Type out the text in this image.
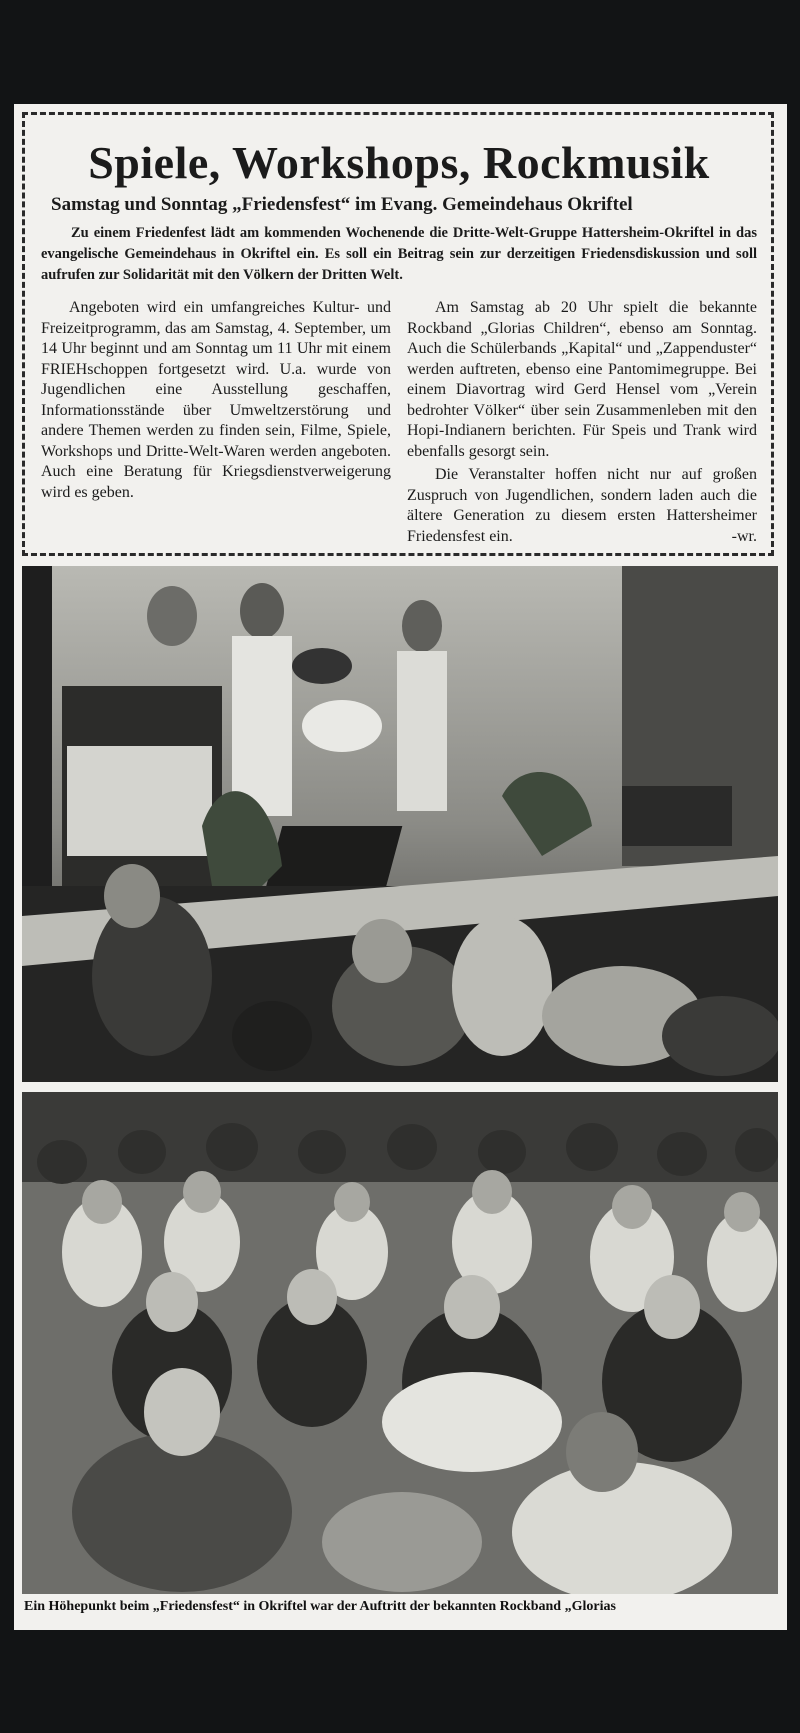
Spiele, Workshops, Rockmusik
Samstag und Sonntag „Friedensfest“ im Evang. Gemeindehaus Okriftel

Zu einem Friedenfest lädt am kommenden Wochenende die Dritte-Welt-Gruppe Hattersheim-Okriftel in das evangelische Gemeindehaus in Okriftel ein. Es soll ein Beitrag sein zur derzeitigen Friedensdiskussion und soll aufrufen zur Solidarität mit den Völkern der Dritten Welt.

Angeboten wird ein umfangreiches Kultur- und Freizeitprogramm, das am Samstag, 4. September, um 14 Uhr beginnt und am Sonntag um 11 Uhr mit einem FRIEHschoppen fortgesetzt wird. U.a. wurde von Jugendlichen eine Ausstellung geschaffen, Informationsstände über Umweltzerstörung und andere Themen werden zu finden sein, Filme, Spiele, Workshops und Dritte-Welt-Waren werden angeboten. Auch eine Beratung für Kriegsdienstverweigerung wird es geben.

Am Samstag ab 20 Uhr spielt die bekannte Rockband „Glorias Children“, ebenso am Sonntag. Auch die Schülerbands „Kapital“ und „Zappenduster“ werden auftreten, ebenso eine Pantomimegruppe. Bei einem Diavortrag wird Gerd Hensel vom „Verein bedrohter Völker“ über sein Zusammenleben mit den Hopi-Indianern berichten. Für Speis und Trank wird ebenfalls gesorgt sein.

Die Veranstalter hoffen nicht nur auf großen Zuspruch von Jugendlichen, sondern laden auch die ältere Generation zu diesem ersten Hattersheimer Friedensfest ein.	-wr.

Ein Höhepunkt beim „Friedensfest“ in Okriftel war der Auftritt der bekannten Rockband „Glorias
